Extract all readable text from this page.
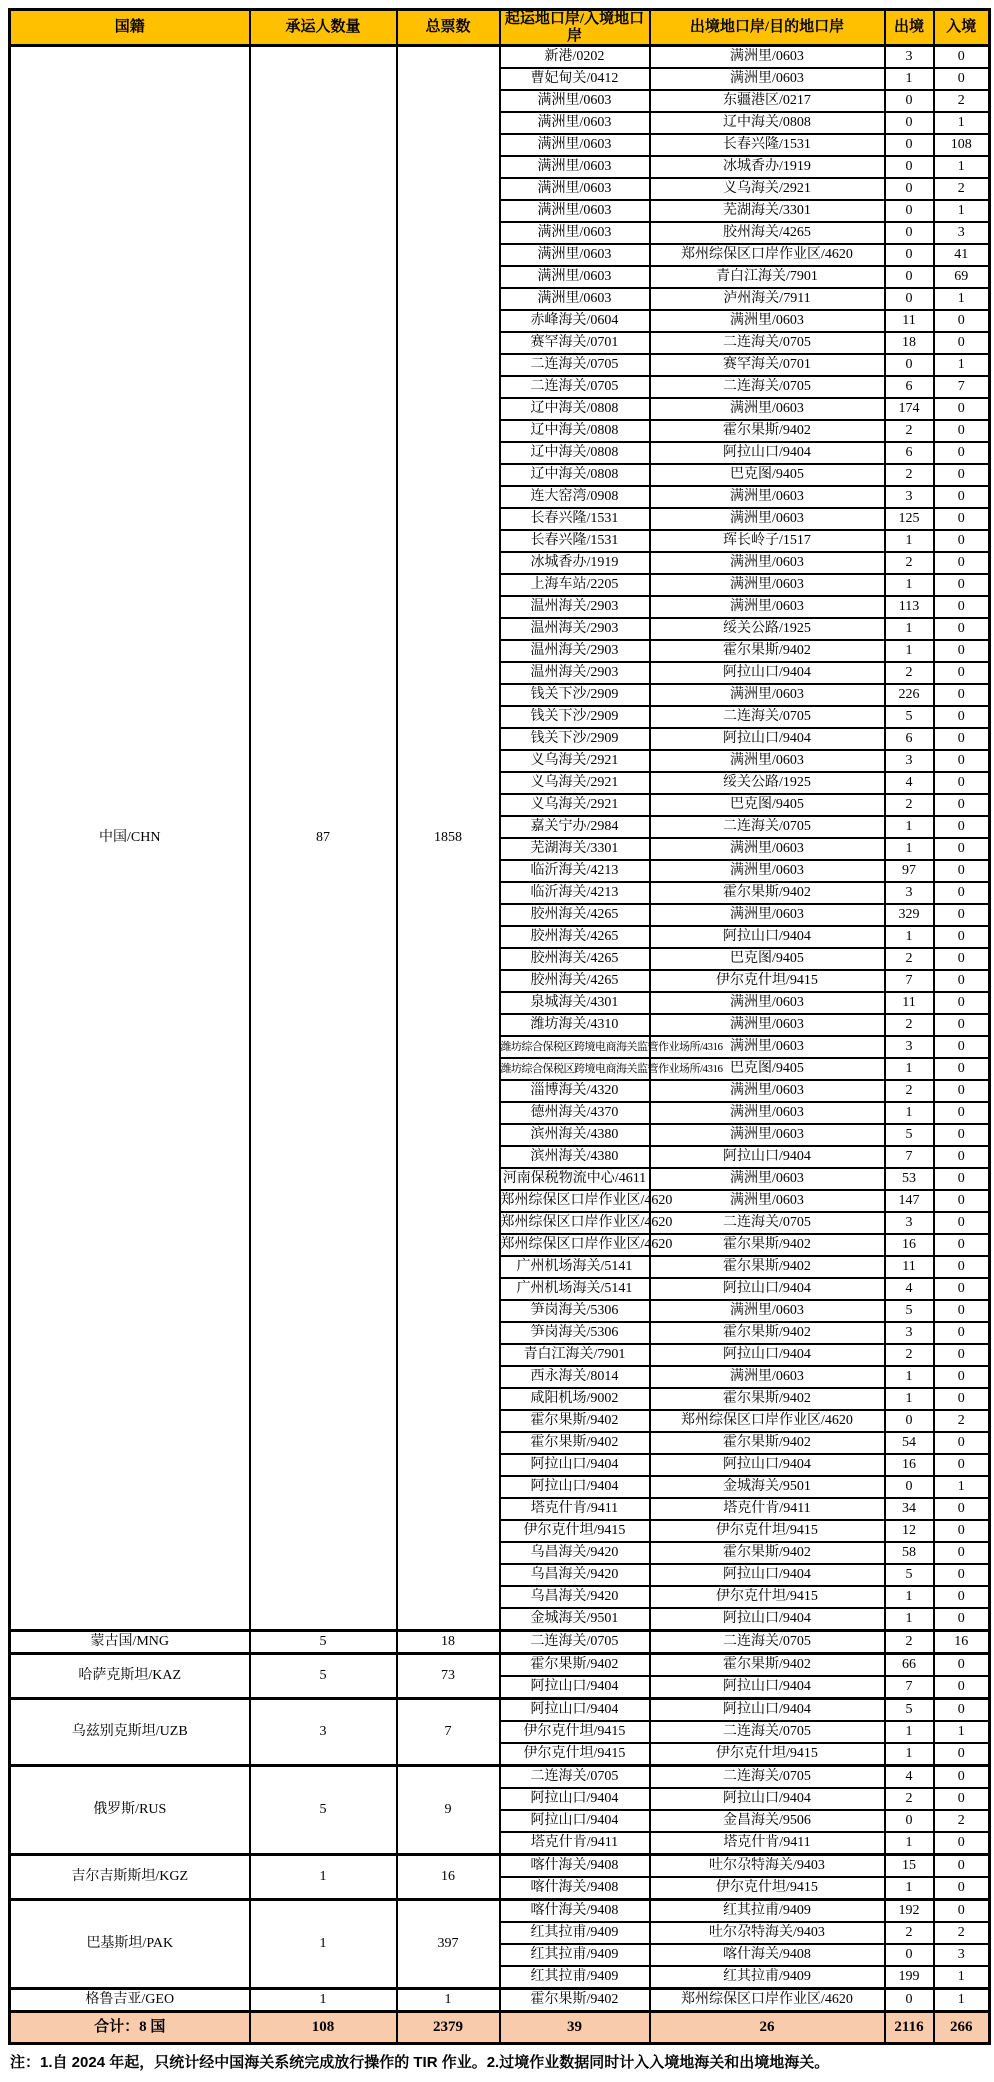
国籍	承运人数量	总票数	起运地口岸/入境地口岸	出境地口岸/目的地口岸	出境	入境
中国/CHN	87	1858	新港/0202	满洲里/0603	3	0
			曹妃甸关/0412	满洲里/0603	1	0
			满洲里/0603	东疆港区/0217	0	2
			满洲里/0603	辽中海关/0808	0	1
			满洲里/0603	长春兴隆/1531	0	108
			满洲里/0603	冰城香办/1919	0	1
			满洲里/0603	义乌海关/2921	0	2
			满洲里/0603	芜湖海关/3301	0	1
			满洲里/0603	胶州海关/4265	0	3
			满洲里/0603	郑州综保区口岸作业区/4620	0	41
			满洲里/0603	青白江海关/7901	0	69
			满洲里/0603	泸州海关/7911	0	1
			赤峰海关/0604	满洲里/0603	11	0
			赛罕海关/0701	二连海关/0705	18	0
			二连海关/0705	赛罕海关/0701	0	1
			二连海关/0705	二连海关/0705	6	7
			辽中海关/0808	满洲里/0603	174	0
			辽中海关/0808	霍尔果斯/9402	2	0
			辽中海关/0808	阿拉山口/9404	6	0
			辽中海关/0808	巴克图/9405	2	0
			连大窑湾/0908	满洲里/0603	3	0
			长春兴隆/1531	满洲里/0603	125	0
			长春兴隆/1531	珲长岭子/1517	1	0
			冰城香办/1919	满洲里/0603	2	0
			上海车站/2205	满洲里/0603	1	0
			温州海关/2903	满洲里/0603	113	0
			温州海关/2903	绥关公路/1925	1	0
			温州海关/2903	霍尔果斯/9402	1	0
			温州海关/2903	阿拉山口/9404	2	0
			钱关下沙/2909	满洲里/0603	226	0
			钱关下沙/2909	二连海关/0705	5	0
			钱关下沙/2909	阿拉山口/9404	6	0
			义乌海关/2921	满洲里/0603	3	0
			义乌海关/2921	绥关公路/1925	4	0
			义乌海关/2921	巴克图/9405	2	0
			嘉关宁办/2984	二连海关/0705	1	0
			芜湖海关/3301	满洲里/0603	1	0
			临沂海关/4213	满洲里/0603	97	0
			临沂海关/4213	霍尔果斯/9402	3	0
			胶州海关/4265	满洲里/0603	329	0
			胶州海关/4265	阿拉山口/9404	1	0
			胶州海关/4265	巴克图/9405	2	0
			胶州海关/4265	伊尔克什坦/9415	7	0
			泉城海关/4301	满洲里/0603	11	0
			潍坊海关/4310	满洲里/0603	2	0
			潍坊综合保税区跨境电商海关监管作业场所/4316	满洲里/0603	3	0
			潍坊综合保税区跨境电商海关监管作业场所/4316	巴克图/9405	1	0
			淄博海关/4320	满洲里/0603	2	0
			德州海关/4370	满洲里/0603	1	0
			滨州海关/4380	满洲里/0603	5	0
			滨州海关/4380	阿拉山口/9404	7	0
			河南保税物流中心/4611	满洲里/0603	53	0
			郑州综保区口岸作业区/4620	满洲里/0603	147	0
			郑州综保区口岸作业区/4620	二连海关/0705	3	0
			郑州综保区口岸作业区/4620	霍尔果斯/9402	16	0
			广州机场海关/5141	霍尔果斯/9402	11	0
			广州机场海关/5141	阿拉山口/9404	4	0
			笋岗海关/5306	满洲里/0603	5	0
			笋岗海关/5306	霍尔果斯/9402	3	0
			青白江海关/7901	阿拉山口/9404	2	0
			西永海关/8014	满洲里/0603	1	0
			咸阳机场/9002	霍尔果斯/9402	1	0
			霍尔果斯/9402	郑州综保区口岸作业区/4620	0	2
			霍尔果斯/9402	霍尔果斯/9402	54	0
			阿拉山口/9404	阿拉山口/9404	16	0
			阿拉山口/9404	金城海关/9501	0	1
			塔克什肯/9411	塔克什肯/9411	34	0
			伊尔克什坦/9415	伊尔克什坦/9415	12	0
			乌昌海关/9420	霍尔果斯/9402	58	0
			乌昌海关/9420	阿拉山口/9404	5	0
			乌昌海关/9420	伊尔克什坦/9415	1	0
			金城海关/9501	阿拉山口/9404	1	0
蒙古国/MNG	5	18	二连海关/0705	二连海关/0705	2	16
哈萨克斯坦/KAZ	5	73	霍尔果斯/9402	霍尔果斯/9402	66	0
			阿拉山口/9404	阿拉山口/9404	7	0
乌兹别克斯坦/UZB	3	7	阿拉山口/9404	阿拉山口/9404	5	0
			伊尔克什坦/9415	二连海关/0705	1	1
			伊尔克什坦/9415	伊尔克什坦/9415	1	0
俄罗斯/RUS	5	9	二连海关/0705	二连海关/0705	4	0
			阿拉山口/9404	阿拉山口/9404	2	0
			阿拉山口/9404	金昌海关/9506	0	2
			塔克什肯/9411	塔克什肯/9411	1	0
吉尔吉斯斯坦/KGZ	1	16	喀什海关/9408	吐尔尕特海关/9403	15	0
			喀什海关/9408	伊尔克什坦/9415	1	0
巴基斯坦/PAK	1	397	喀什海关/9408	红其拉甫/9409	192	0
			红其拉甫/9409	吐尔尕特海关/9403	2	2
			红其拉甫/9409	喀什海关/9408	0	3
			红其拉甫/9409	红其拉甫/9409	199	1
格鲁吉亚/GEO	1	1	霍尔果斯/9402	郑州综保区口岸作业区/4620	0	1
合计：8 国	108	2379	39	26	2116	266
注：1.自 2024 年起，只统计经中国海关系统完成放行操作的 TIR 作业。2.过境作业数据同时计入入境地海关和出境地海关。
